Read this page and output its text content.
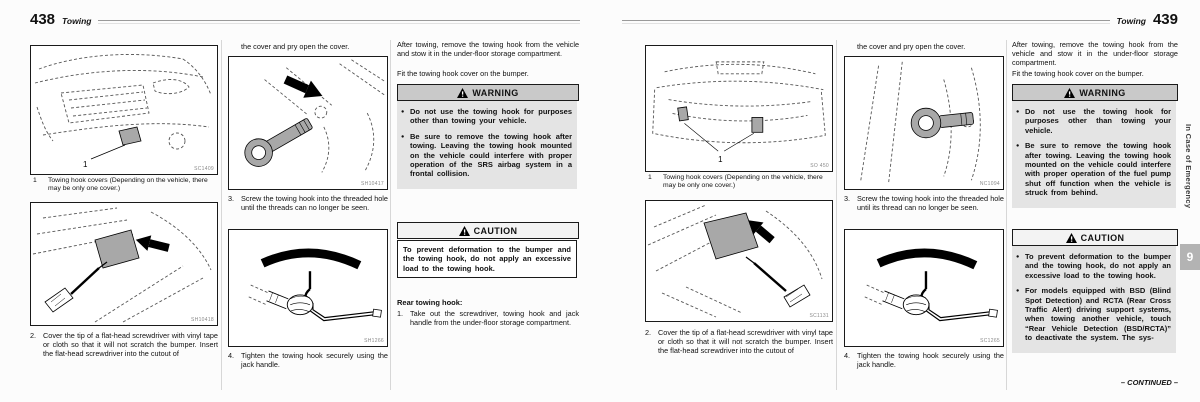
438 Towing
1	SC1409
1	Towing hook covers (Depending on the vehicle, there may be only one cover.)
SH10418
2. Cover the tip of a flat-head screwdriver with vinyl tape or cloth so that it will not scratch the bumper. Insert the flat-head screwdriver into the cutout of
the cover and pry open the cover.
SH10417
3. Screw the towing hook into the threaded hole until the threads can no longer be seen.
SH1266
4. Tighten the towing hook securely using the jack handle.
After towing, remove the towing hook from the vehicle and stow it in the under-floor storage compartment.
Fit the towing hook cover on the bumper.
WARNING
●
Do not use the towing hook for purposes other than towing your vehicle.
●
Be sure to remove the towing hook after towing. Leaving the towing hook mounted on the vehicle could interfere with proper operation of the SRS airbag system in a frontal collision.
CAUTION
To prevent deformation to the bumper and the towing hook, do not apply an excessive load to the towing hook.
Rear towing hook:
1. Take out the screwdriver, towing hook and jack handle from the under-floor storage compartment.
Towing 439
1
SO 450
1	Towing hook covers (Depending on the vehicle, there may be only one cover.)
SC1131
2. Cover the tip of a flat-head screwdriver with vinyl tape or cloth so that it will not scratch the bumper. Insert the flat-head screwdriver into the cutout of
the cover and pry open the cover.
NC1094
3. Screw the towing hook into the threaded hole until its thread can no longer be seen.
SC1265
4. Tighten the towing hook securely using the jack handle.
After towing, remove the towing hook from the vehicle and stow it in the under-floor storage compartment.
Fit the towing hook cover on the bumper.
WARNING
●
Do not use the towing hook for purposes other than towing your vehicle.
●
Be sure to remove the towing hook after towing. Leaving the towing hook mounted on the vehicle could interfere with proper operation of the fuel pump shut off function when the vehicle is struck from behind.
CAUTION
●
To prevent deformation to the bumper and the towing hook, do not apply an excessive load to the towing hook.
●
For models equipped with BSD (Blind Spot Detection) and RCTA (Rear Cross Traffic Alert) driving support systems, when towing another vehicle, touch “Rear Vehicle Detection (BSD/RCTA)” to deactivate the system. The sys-
– CONTINUED –
In Case of Emergency
9
